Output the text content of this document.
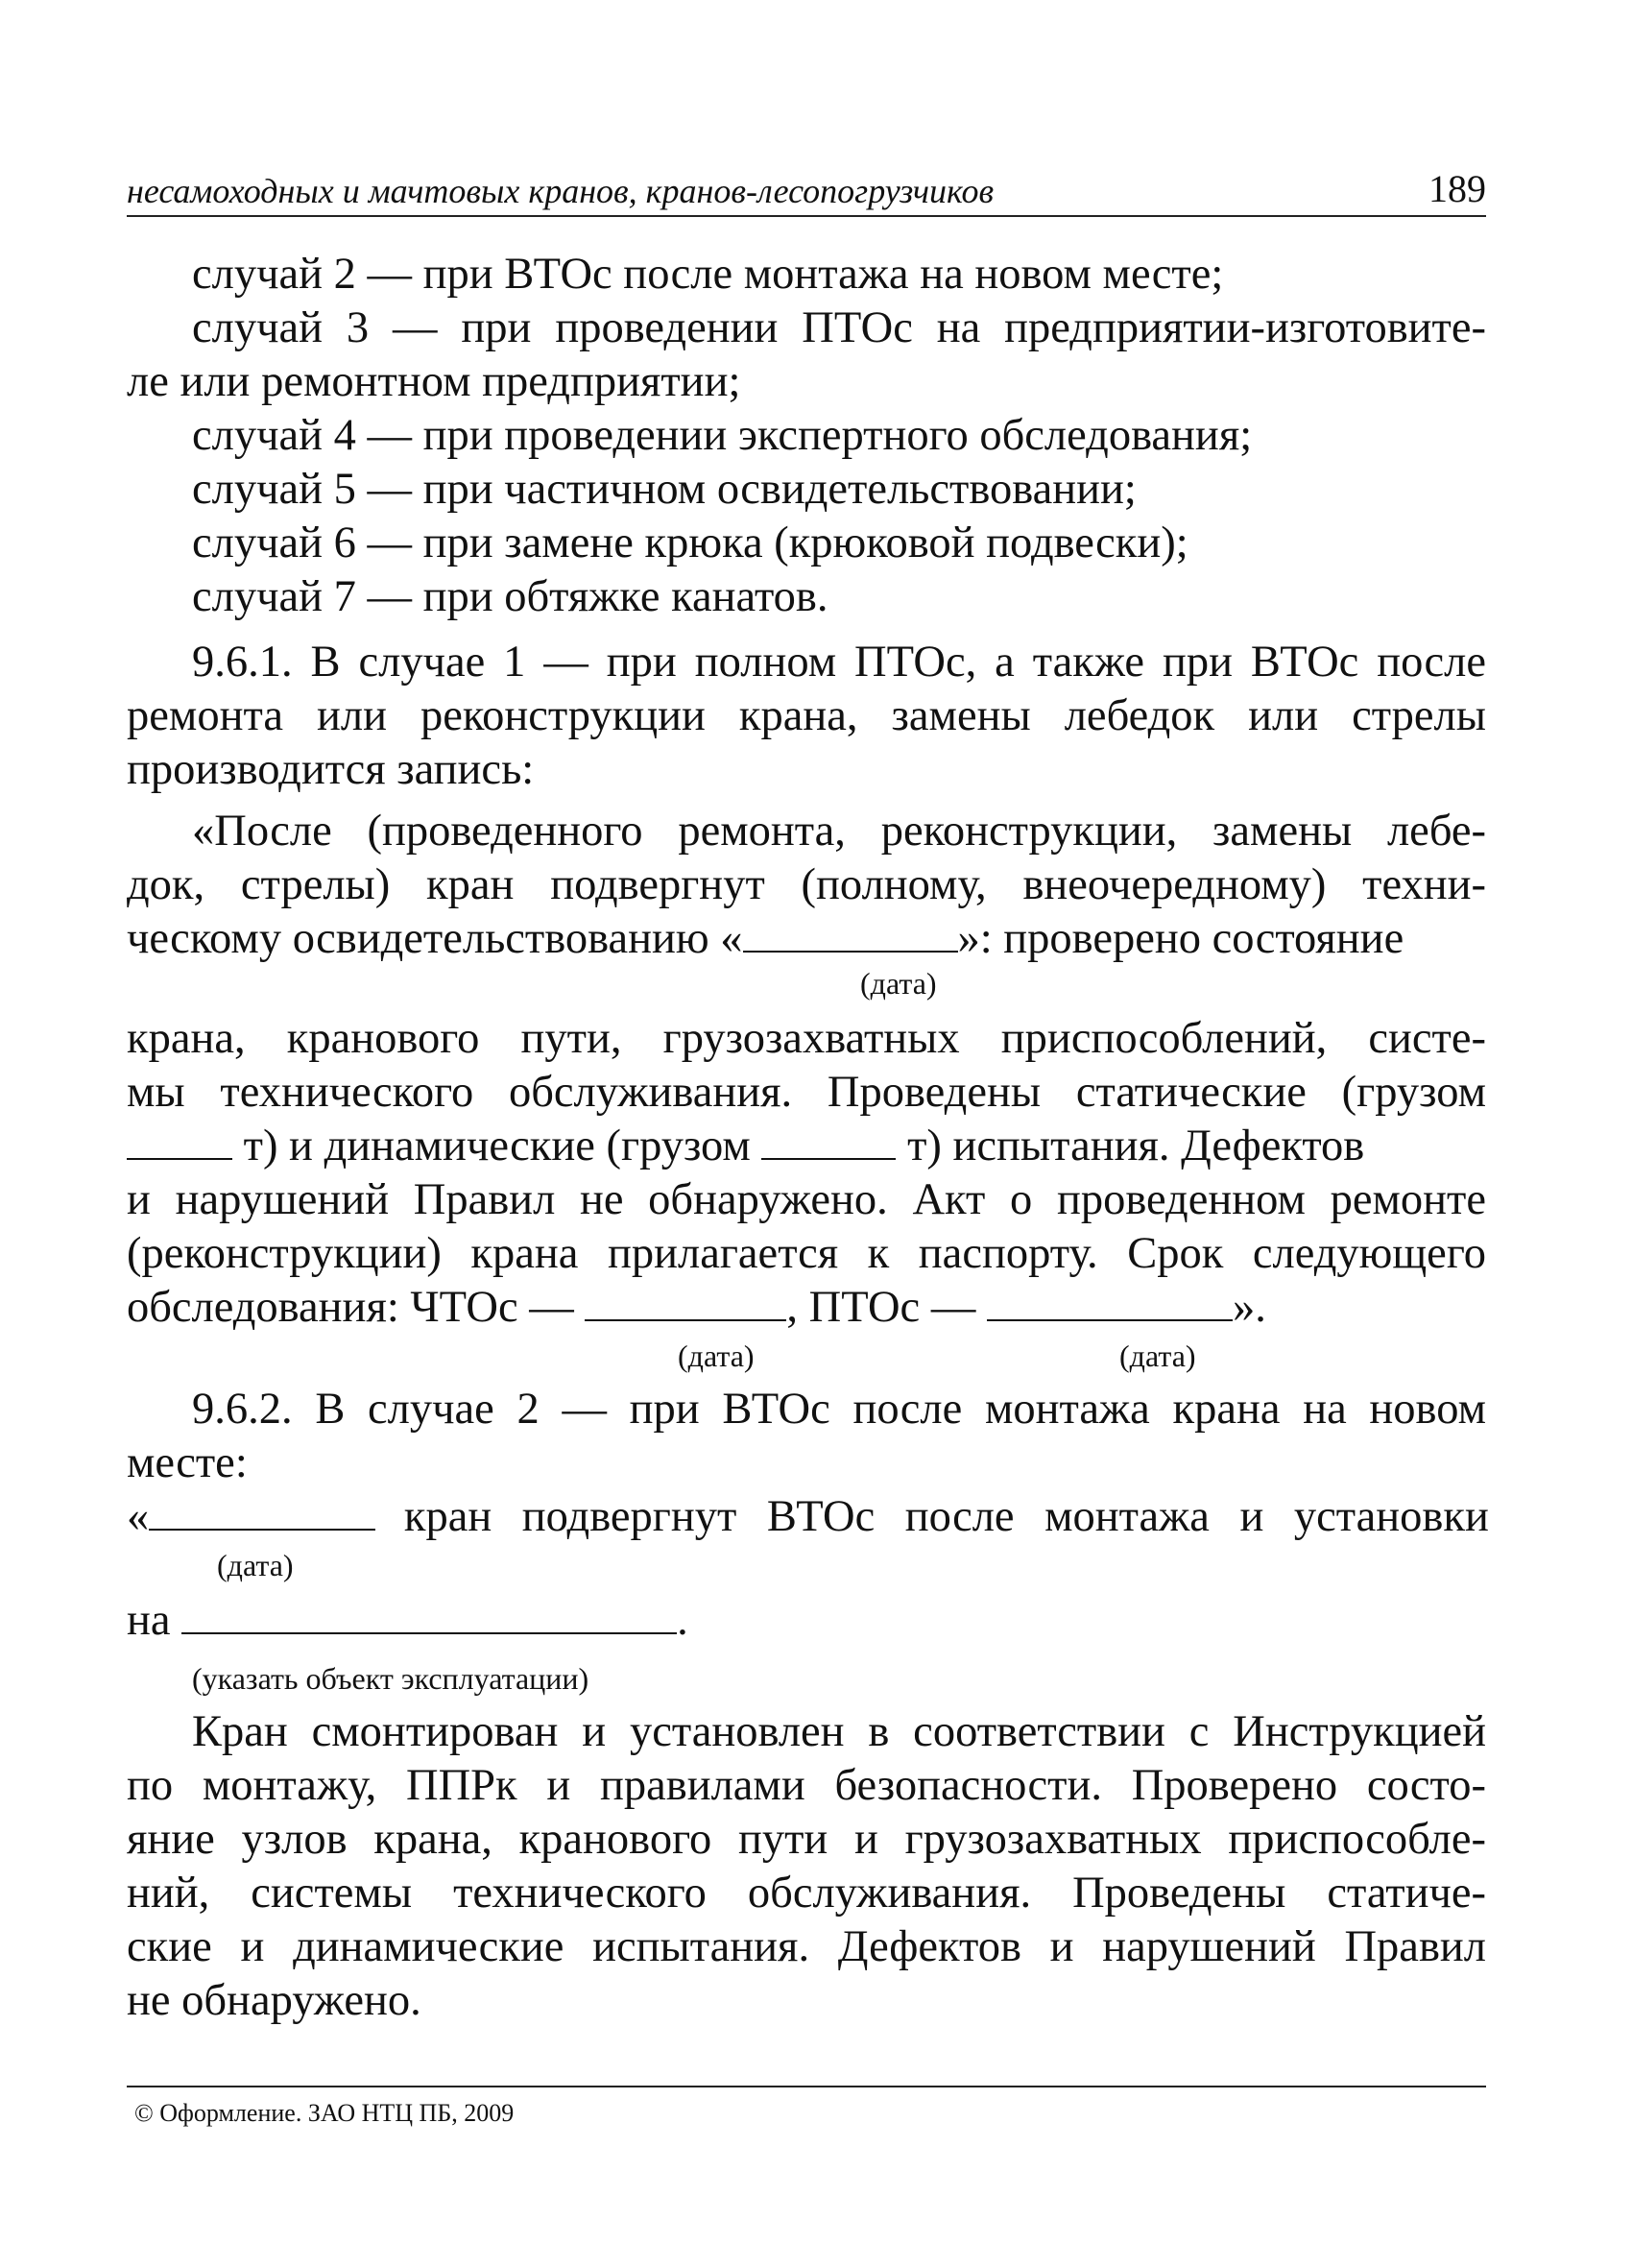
несамоходных и мачтовых кранов, кранов-лесопогрузчиков	189
случай 2 — при ВТОс после монтажа на новом месте;
случай 3 — при проведении ПТОс на предприятии-изготовите-
ле или ремонтном предприятии;
случай 4 — при проведении экспертного обследования;
случай 5 — при частичном освидетельствовании;
случай 6 — при замене крюка (крюковой подвески);
случай 7 — при обтяжке канатов.
9.6.1. В случае 1 — при полном ПТОс, а также при ВТОс после
ремонта или реконструкции крана, замены лебедок или стрелы
производится запись:
«После (проведенного ремонта, реконструкции, замены лебе-
док, стрелы) кран подвергнут (полному, внеочередному) техни-
ческому освидетельствованию «	»: проверено состояние
(дата)
крана, кранового пути, грузозахватных приспособлений, систе-
мы технического обслуживания. Проведены статические (грузом
т) и динамические (грузом	т) испытания. Дефектов
и нарушений Правил не обнаружено. Акт о проведенном ремонте
(реконструкции) крана прилагается к паспорту. Срок следующего
обследования: ЧТОс —	, ПТОс —	».
(дата)	(дата)
9.6.2. В случае 2 — при ВТОс после монтажа крана на новом
месте:
«	кран подвергнут ВТОс после монтажа и установки
(дата)
на	.
(указать объект эксплуатации)
Кран смонтирован и установлен в соответствии с Инструкцией
по монтажу, ППРк и правилами безопасности. Проверено состо-
яние узлов крана, кранового пути и грузозахватных приспособле-
ний, системы технического обслуживания. Проведены статиче-
ские и динамические испытания. Дефектов и нарушений Правил
не обнаружено.
© Оформление. ЗАО НТЦ ПБ, 2009
